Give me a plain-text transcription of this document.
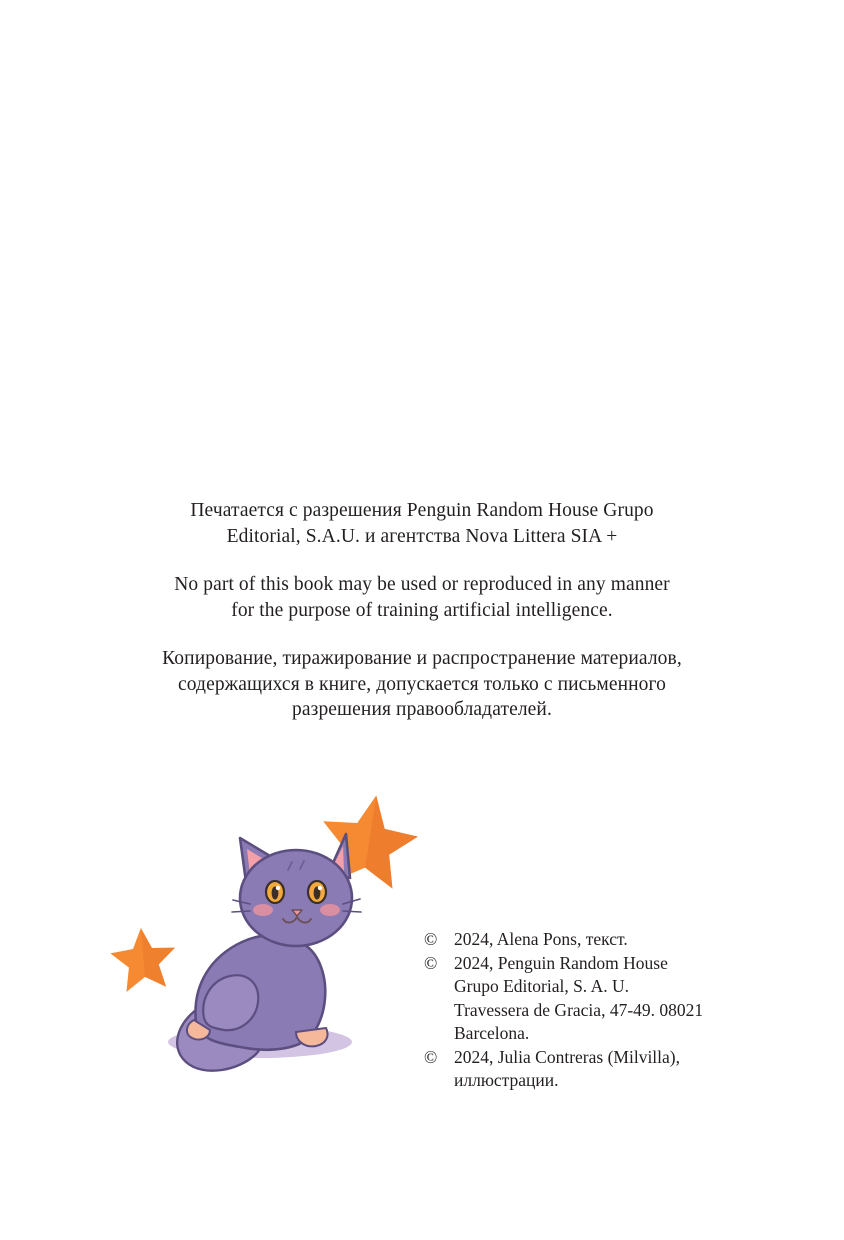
Печатается с разрешения Penguin Random House Grupo
Editorial, S.A.U. и агентства Nova Littera SIA +

No part of this book may be used or reproduced in any manner
for the purpose of training artificial intelligence.

Копирование, тиражирование и распространение материалов,
содержащихся в книге, допускается только с письменного
разрешения правообладателей.

© 2024, Alena Pons, текст.
© 2024, Penguin Random House
Grupo Editorial, S. A. U.
Travessera de Gracia, 47-49. 08021
Barcelona.
© 2024, Julia Contreras (Milvilla),
иллюстрации.
